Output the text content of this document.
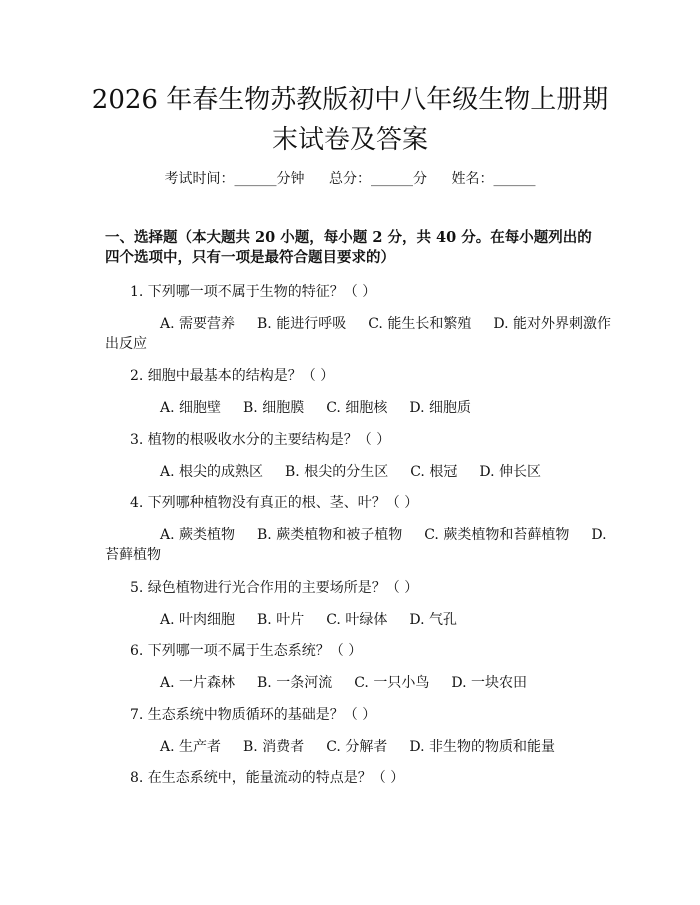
2026 年春生物苏教版初中八年级生物上册期
末试卷及答案
考试时间：______分钟 总分：______分 姓名：______
一、选择题（本大题共 20 小题，每小题 2 分，共 40 分。在每小题列出的四个选项中，只有一项是最符合题目要求的）
1. 下列哪一项不属于生物的特征？（ ）
A. 需要营养 B. 能进行呼吸 C. 能生长和繁殖 D. 能对外界刺激作出反应
2. 细胞中最基本的结构是？（ ）
A. 细胞壁 B. 细胞膜 C. 细胞核 D. 细胞质
3. 植物的根吸收水分的主要结构是？（ ）
A. 根尖的成熟区 B. 根尖的分生区 C. 根冠 D. 伸长区
4. 下列哪种植物没有真正的根、茎、叶？（ ）
A. 蕨类植物 B. 蕨类植物和被子植物 C. 蕨类植物和苔藓植物 D. 苔藓植物
5. 绿色植物进行光合作用的主要场所是？（ ）
A. 叶肉细胞 B. 叶片 C. 叶绿体 D. 气孔
6. 下列哪一项不属于生态系统？（ ）
A. 一片森林 B. 一条河流 C. 一只小鸟 D. 一块农田
7. 生态系统中物质循环的基础是？（ ）
A. 生产者 B. 消费者 C. 分解者 D. 非生物的物质和能量
8. 在生态系统中，能量流动的特点是？（ ）
